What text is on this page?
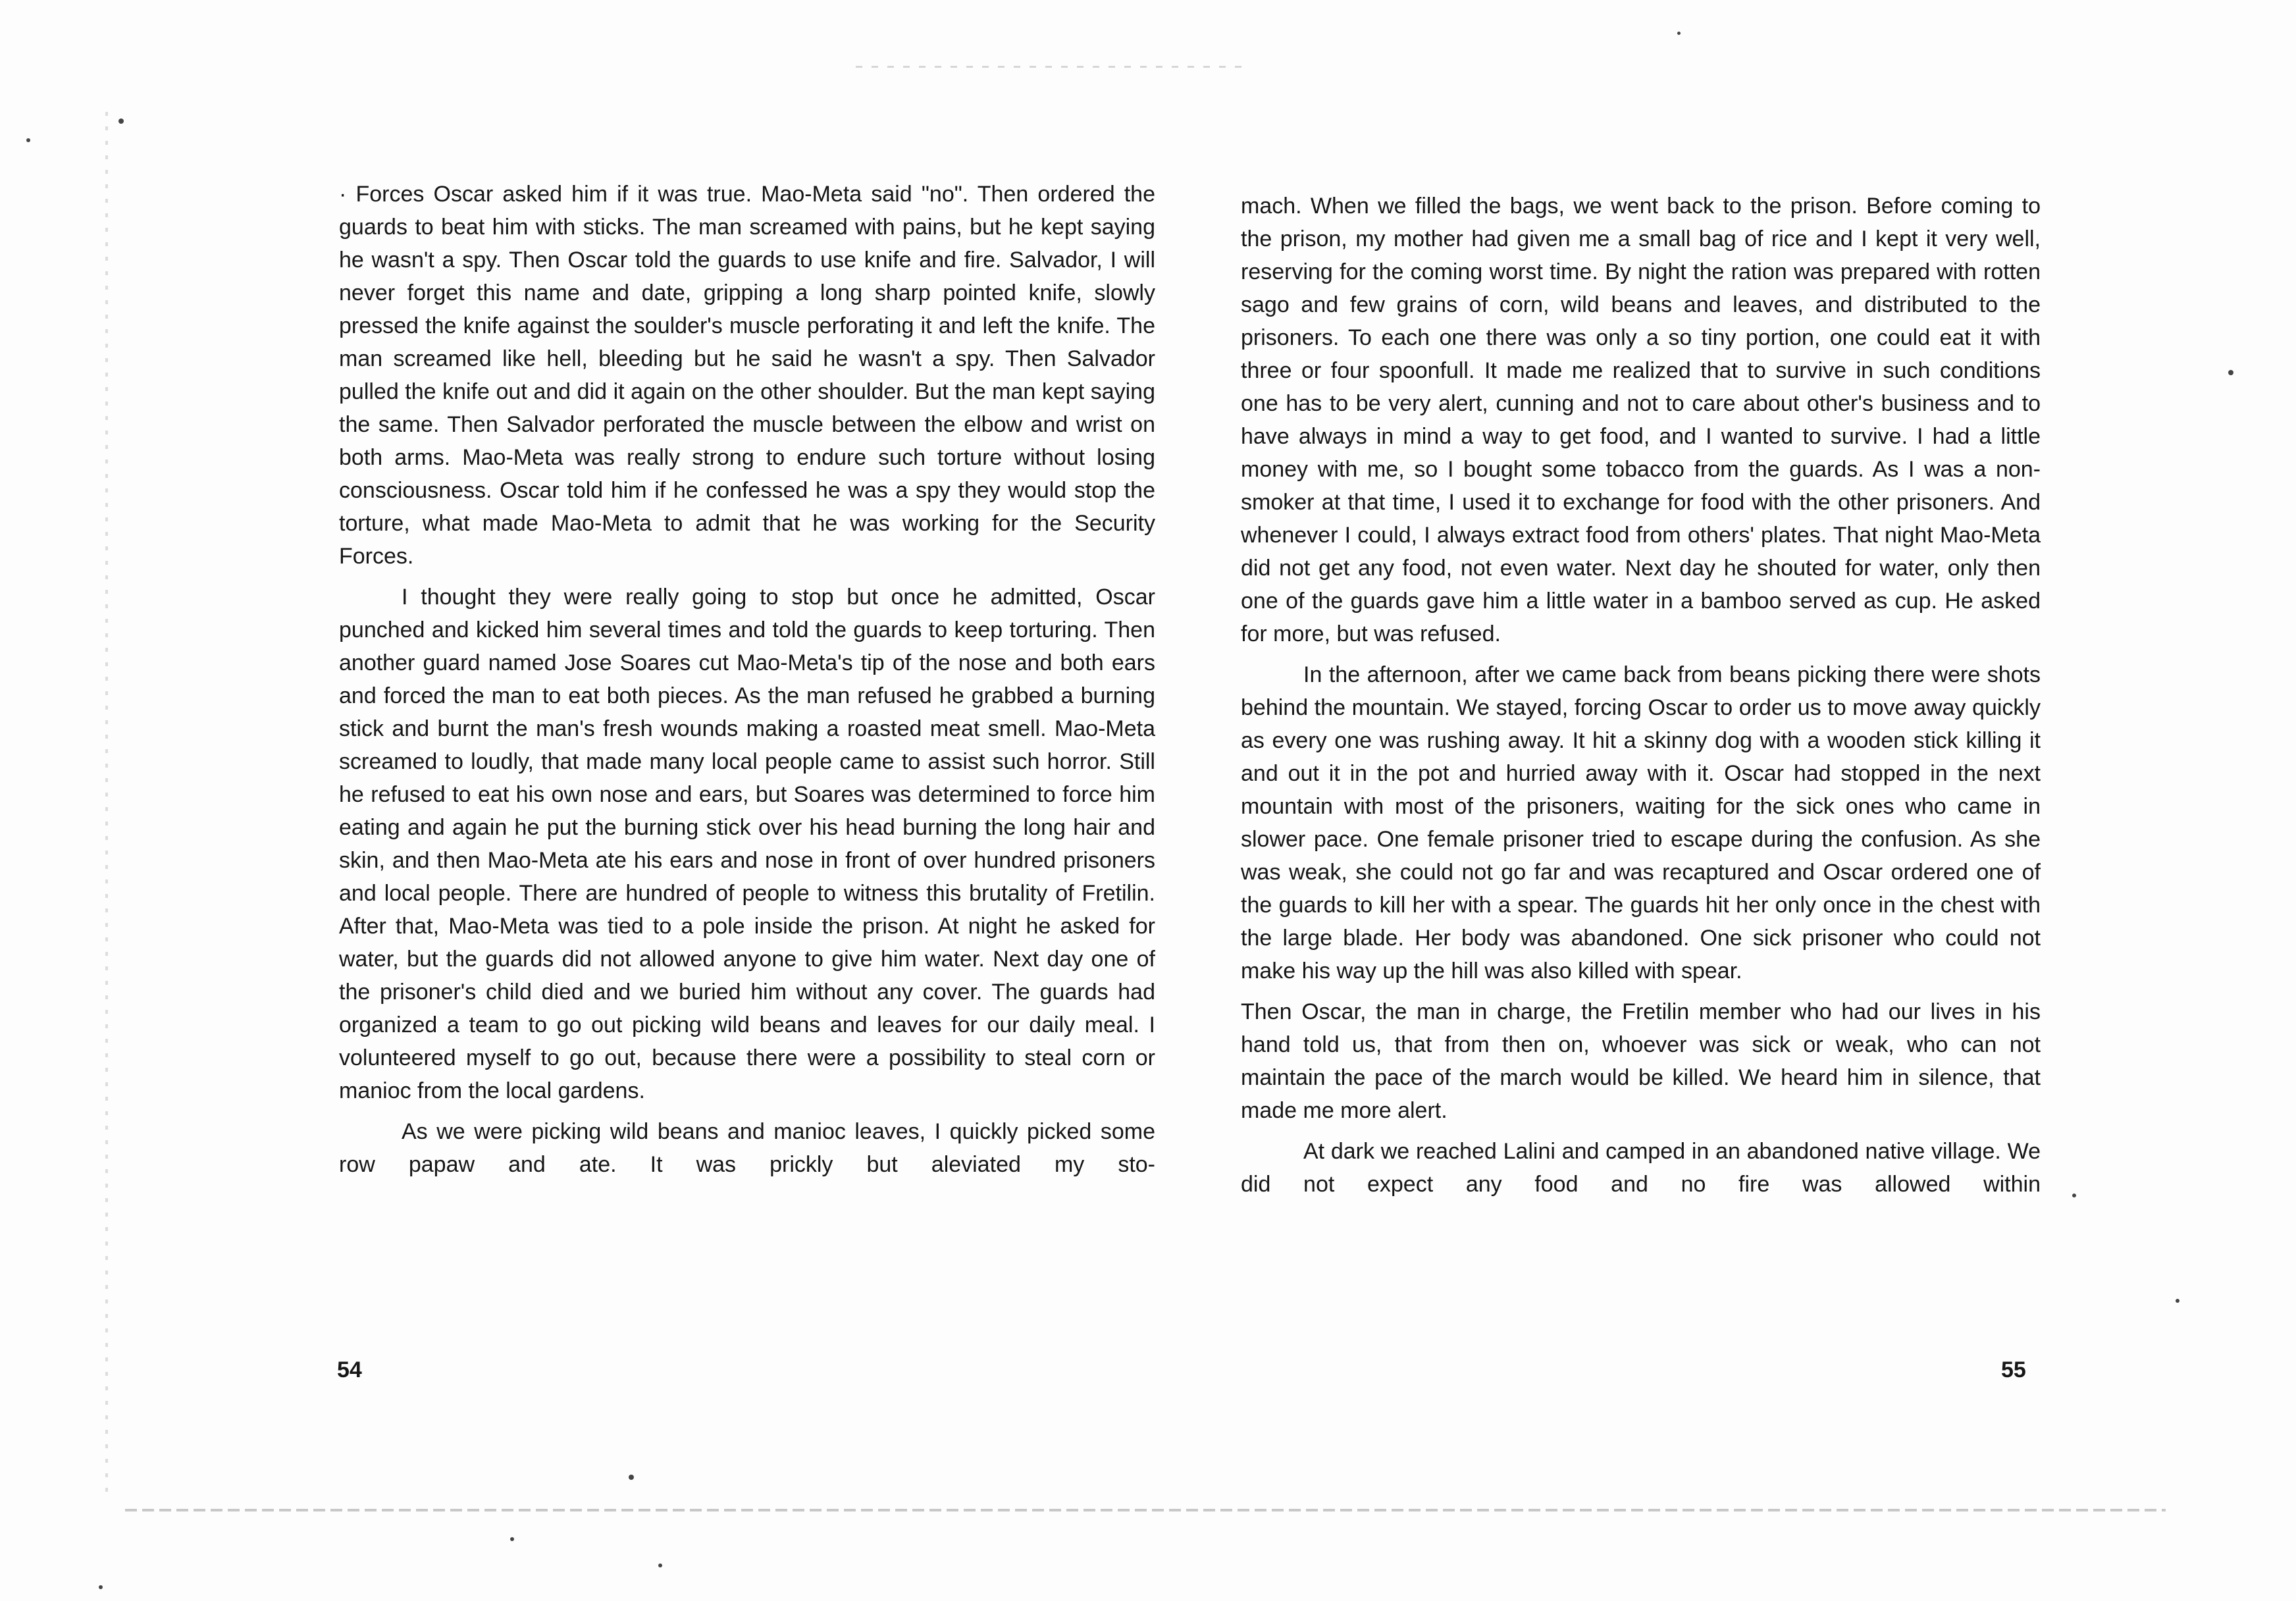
· Forces Oscar asked him if it was true. Mao-Meta said "no". Then ordered the guards to beat him with sticks. The man screamed with pains, but he kept saying he wasn't a spy. Then Oscar told the guards to use knife and fire. Salvador, I will never forget this name and date, gripping a long sharp pointed knife, slowly pressed the knife against the soulder's muscle perforating it and left the knife. The man screamed like hell, bleeding but he said he wasn't a spy. Then Salvador pulled the knife out and did it again on the other shoulder. But the man kept saying the same. Then Salvador perforated the muscle between the elbow and wrist on both arms. Mao-Meta was really strong to endure such torture without losing consciousness. Oscar told him if he confessed he was a spy they would stop the torture, what made Mao-Meta to admit that he was working for the Security Forces.

I thought they were really going to stop but once he admitted, Oscar punched and kicked him several times and told the guards to keep torturing. Then another guard named Jose Soares cut Mao-Meta's tip of the nose and both ears and forced the man to eat both pieces. As the man refused he grabbed a burning stick and burnt the man's fresh wounds making a roasted meat smell. Mao-Meta screamed to loudly, that made many local people came to assist such horror. Still he refused to eat his own nose and ears, but Soares was determined to force him eating and again he put the burning stick over his head burning the long hair and skin, and then Mao-Meta ate his ears and nose in front of over hundred prisoners and local people. There are hundred of people to witness this brutality of Fretilin. After that, Mao-Meta was tied to a pole inside the prison. At night he asked for water, but the guards did not allowed anyone to give him water. Next day one of the prisoner's child died and we buried him without any cover. The guards had organized a team to go out picking wild beans and leaves for our daily meal. I volunteered myself to go out, because there were a possibility to steal corn or manioc from the local gardens.

As we were picking wild beans and manioc leaves, I quickly picked some row papaw and ate. It was prickly but aleviated my sto-

54

mach. When we filled the bags, we went back to the prison. Before coming to the prison, my mother had given me a small bag of rice and I kept it very well, reserving for the coming worst time. By night the ration was prepared with rotten sago and few grains of corn, wild beans and leaves, and distributed to the prisoners. To each one there was only a so tiny portion, one could eat it with three or four spoonfull. It made me realized that to survive in such conditions one has to be very alert, cunning and not to care about other's business and to have always in mind a way to get food, and I wanted to survive. I had a little money with me, so I bought some tobacco from the guards. As I was a non-smoker at that time, I used it to exchange for food with the other prisoners. And whenever I could, I always extract food from others' plates. That night Mao-Meta did not get any food, not even water. Next day he shouted for water, only then one of the guards gave him a little water in a bamboo served as cup. He asked for more, but was refused.

In the afternoon, after we came back from beans picking there were shots behind the mountain. We stayed, forcing Oscar to order us to move away quickly as every one was rushing away. It hit a skinny dog with a wooden stick killing it and out it in the pot and hurried away with it. Oscar had stopped in the next mountain with most of the prisoners, waiting for the sick ones who came in slower pace. One female prisoner tried to escape during the confusion. As she was weak, she could not go far and was recaptured and Oscar ordered one of the guards to kill her with a spear. The guards hit her only once in the chest with the large blade. Her body was abandoned. One sick prisoner who could not make his way up the hill was also killed with spear.

Then Oscar, the man in charge, the Fretilin member who had our lives in his hand told us, that from then on, whoever was sick or weak, who can not maintain the pace of the march would be killed. We heard him in silence, that made me more alert.

At dark we reached Lalini and camped in an abandoned native village. We did not expect any food and no fire was allowed within

55
